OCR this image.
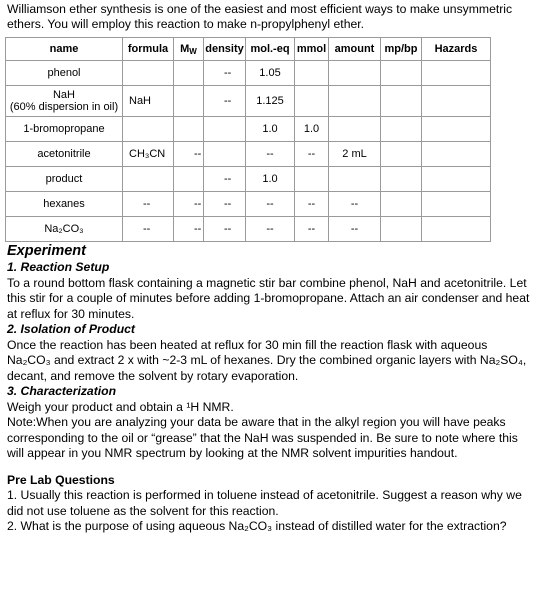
Williamson ether synthesis is one of the easiest and most efficient ways to make unsymmetric ethers. You will employ this reaction to make n-propylphenyl ether.

name	formula	$M_W$	density	mol.-eq	mmol	amount	mp/bp	Hazards
phenol			--	1.05				

NaH
(60% dispersion in oil)	NaH		--	1.125				
1-bromopropane				1.0	1.0			
acetonitrile	CH₃CN	--		--	--	2 mL		
product			--	1.0				
hexanes	--	--	--	--	--	--		
Na₂CO₃	--	--	--	--	--	--		
Experiment
1. Reaction Setup
To a round bottom flask containing a magnetic stir bar combine phenol, NaH and acetonitrile. Let this stir for a couple of minutes before adding 1-bromopropane. Attach an air condenser and heat at reflux for 30 minutes.
2. Isolation of Product
Once the reaction has been heated at reflux for 30 min fill the reaction flask with aqueous Na₂CO₃ and extract 2 x with ~2-3 mL of hexanes. Dry the combined organic layers with Na₂SO₄, decant, and remove the solvent by rotary evaporation.
3. Characterization
Weigh your product and obtain a ¹H NMR.
Note:When you are analyzing your data be aware that in the alkyl region you will have peaks corresponding to the oil or “grease” that the NaH was suspended in. Be sure to note where this will appear in you NMR spectrum by looking at the NMR solvent impurities handout.
Pre Lab Questions
1. Usually this reaction is performed in toluene instead of acetonitrile. Suggest a reason why we did not use toluene as the solvent for this reaction.
2. What is the purpose of using aqueous Na₂CO₃ instead of distilled water for the extraction?
